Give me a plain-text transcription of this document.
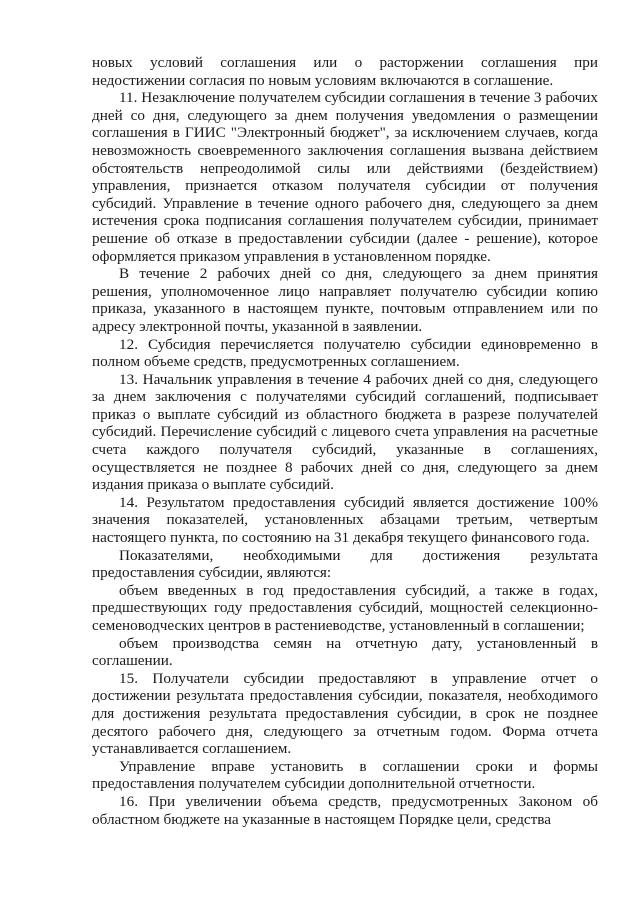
новых условий соглашения или о расторжении соглашения при недостижении согласия по новым условиям включаются в соглашение.

11. Незаключение получателем субсидии соглашения в течение 3 рабочих дней со дня, следующего за днем получения уведомления о размещении соглашения в ГИИС "Электронный бюджет", за исключением случаев, когда невозможность своевременного заключения соглашения вызвана действием обстоятельств непреодолимой силы или действиями (бездействием) управления, признается отказом получателя субсидии от получения субсидий. Управление в течение одного рабочего дня, следующего за днем истечения срока подписания соглашения получателем субсидии, принимает решение об отказе в предоставлении субсидии (далее - решение), которое оформляется приказом управления в установленном порядке.

В течение 2 рабочих дней со дня, следующего за днем принятия решения, уполномоченное лицо направляет получателю субсидии копию приказа, указанного в настоящем пункте, почтовым отправлением или по адресу электронной почты, указанной в заявлении.

12. Субсидия перечисляется получателю субсидии единовременно в полном объеме средств, предусмотренных соглашением.

13. Начальник управления в течение 4 рабочих дней со дня, следующего за днем заключения с получателями субсидий соглашений, подписывает приказ о выплате субсидий из областного бюджета в разрезе получателей субсидий. Перечисление субсидий с лицевого счета управления на расчетные счета каждого получателя субсидий, указанные в соглашениях, осуществляется не позднее 8 рабочих дней со дня, следующего за днем издания приказа о выплате субсидий.

14. Результатом предоставления субсидий является достижение 100% значения показателей, установленных абзацами третьим, четвертым настоящего пункта, по состоянию на 31 декабря текущего финансового года.

Показателями, необходимыми для достижения результата предоставления субсидии, являются:

объем введенных в год предоставления субсидий, а также в годах, предшествующих году предоставления субсидий, мощностей селекционно-семеноводческих центров в растениеводстве, установленный в соглашении;

объем производства семян на отчетную дату, установленный в соглашении.

15. Получатели субсидии предоставляют в управление отчет о достижении результата предоставления субсидии, показателя, необходимого для достижения результата предоставления субсидии, в срок не позднее десятого рабочего дня, следующего за отчетным годом. Форма отчета устанавливается соглашением.

Управление вправе установить в соглашении сроки и формы предоставления получателем субсидии дополнительной отчетности.

16. При увеличении объема средств, предусмотренных Законом об областном бюджете на указанные в настоящем Порядке цели, средства
